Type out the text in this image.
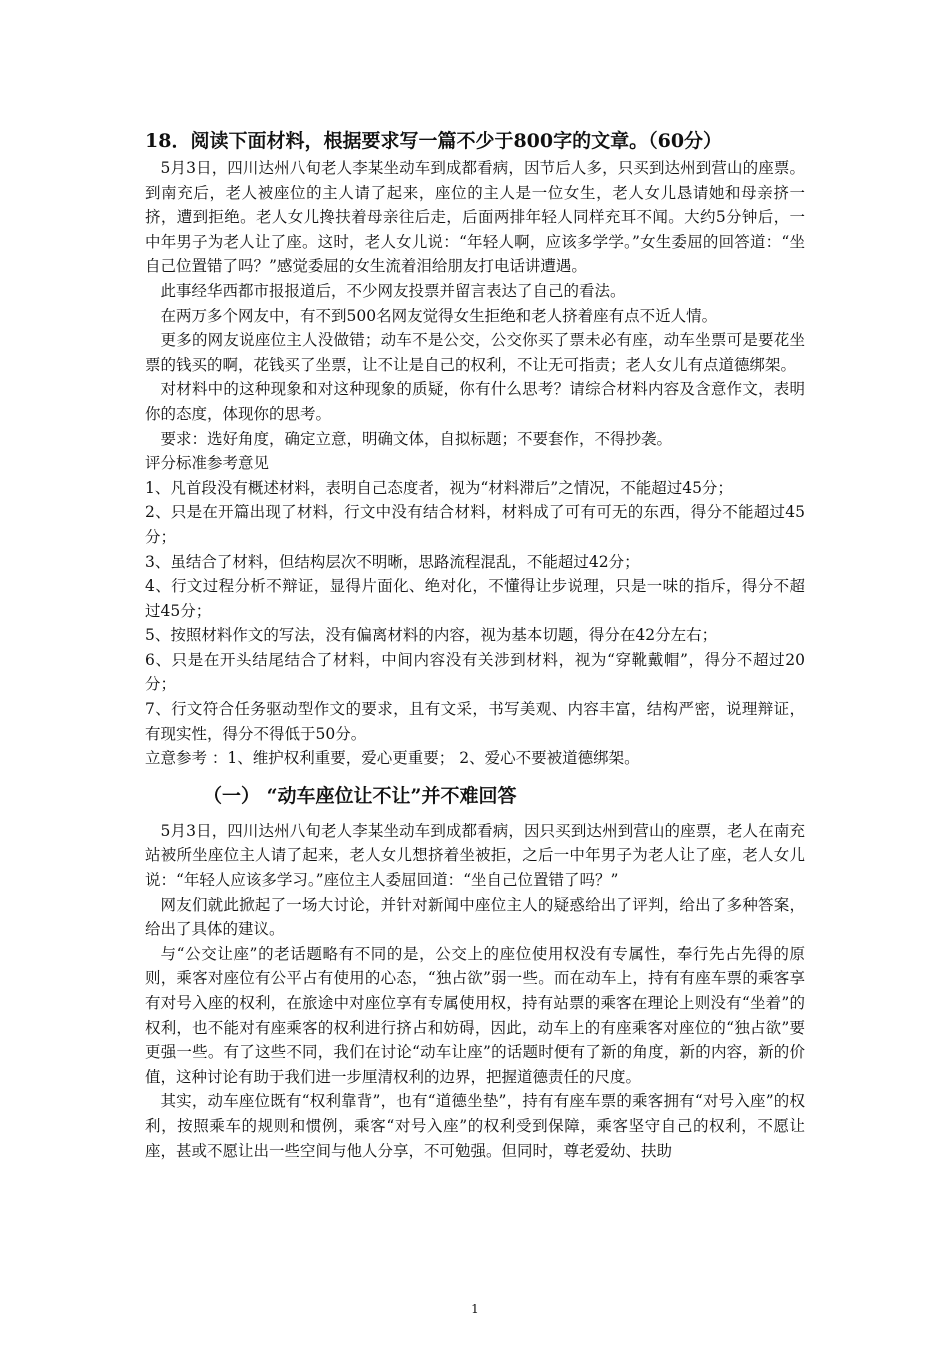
18．阅读下面材料，根据要求写一篇不少于800字的文章。（60分）

5月3日，四川达州八旬老人李某坐动车到成都看病，因节后人多，只买到达州到营山的座票。到南充后，老人被座位的主人请了起来，座位的主人是一位女生，老人女儿恳请她和母亲挤一挤，遭到拒绝。老人女儿搀扶着母亲往后走，后面两排年轻人同样充耳不闻。大约5分钟后，一中年男子为老人让了座。这时，老人女儿说：“年轻人啊，应该多学学。”女生委屈的回答道：“坐自己位置错了吗？”感觉委屈的女生流着泪给朋友打电话讲遭遇。

此事经华西都市报报道后，不少网友投票并留言表达了自己的看法。

在两万多个网友中，有不到500名网友觉得女生拒绝和老人挤着座有点不近人情。

更多的网友说座位主人没做错；动车不是公交，公交你买了票未必有座，动车坐票可是要花坐票的钱买的啊，花钱买了坐票，让不让是自己的权利，不让无可指责；老人女儿有点道德绑架。

对材料中的这种现象和对这种现象的质疑，你有什么思考？请综合材料内容及含意作文，表明你的态度，体现你的思考。

要求：选好角度，确定立意，明确文体，自拟标题；不要套作，不得抄袭。

评分标准参考意见

1、凡首段没有概述材料，表明自己态度者，视为“材料滞后”之情况，不能超过45分；

2、只是在开篇出现了材料，行文中没有结合材料，材料成了可有可无的东西，得分不能超过45分；

3、虽结合了材料，但结构层次不明晰，思路流程混乱，不能超过42分；

4、行文过程分析不辩证，显得片面化、绝对化，不懂得让步说理，只是一味的指斥，得分不超过45分；

5、按照材料作文的写法，没有偏离材料的内容，视为基本切题，得分在42分左右；

6、只是在开头结尾结合了材料，中间内容没有关涉到材料，视为“穿靴戴帽”，得分不超过20分；

7、行文符合任务驱动型作文的要求，且有文采，书写美观、内容丰富，结构严密，说理辩证，有现实性，得分不得低于50分。

立意参考 ：1、维护权利重要，爱心更重要； 2、爱心不要被道德绑架。

（一） “动车座位让不让”并不难回答

5月3日，四川达州八旬老人李某坐动车到成都看病，因只买到达州到营山的座票，老人在南充站被所坐座位主人请了起来，老人女儿想挤着坐被拒，之后一中年男子为老人让了座，老人女儿说：“年轻人应该多学习。”座位主人委屈回道：“坐自己位置错了吗？”

网友们就此掀起了一场大讨论，并针对新闻中座位主人的疑惑给出了评判，给出了多种答案，给出了具体的建议。

与“公交让座”的老话题略有不同的是，公交上的座位使用权没有专属性，奉行先占先得的原则，乘客对座位有公平占有使用的心态，“独占欲”弱一些。而在动车上，持有有座车票的乘客享有对号入座的权利，在旅途中对座位享有专属使用权，持有站票的乘客在理论上则没有“坐着”的权利，也不能对有座乘客的权利进行挤占和妨碍，因此，动车上的有座乘客对座位的“独占欲”要更强一些。有了这些不同，我们在讨论“动车让座”的话题时便有了新的角度，新的内容，新的价值，这种讨论有助于我们进一步厘清权利的边界，把握道德责任的尺度。

其实，动车座位既有“权利靠背”，也有“道德坐垫”，持有有座车票的乘客拥有“对号入座”的权利，按照乘车的规则和惯例，乘客“对号入座”的权利受到保障，乘客坚守自己的权利，不愿让座，甚或不愿让出一些空间与他人分享，不可勉强。但同时，尊老爱幼、扶助

1
